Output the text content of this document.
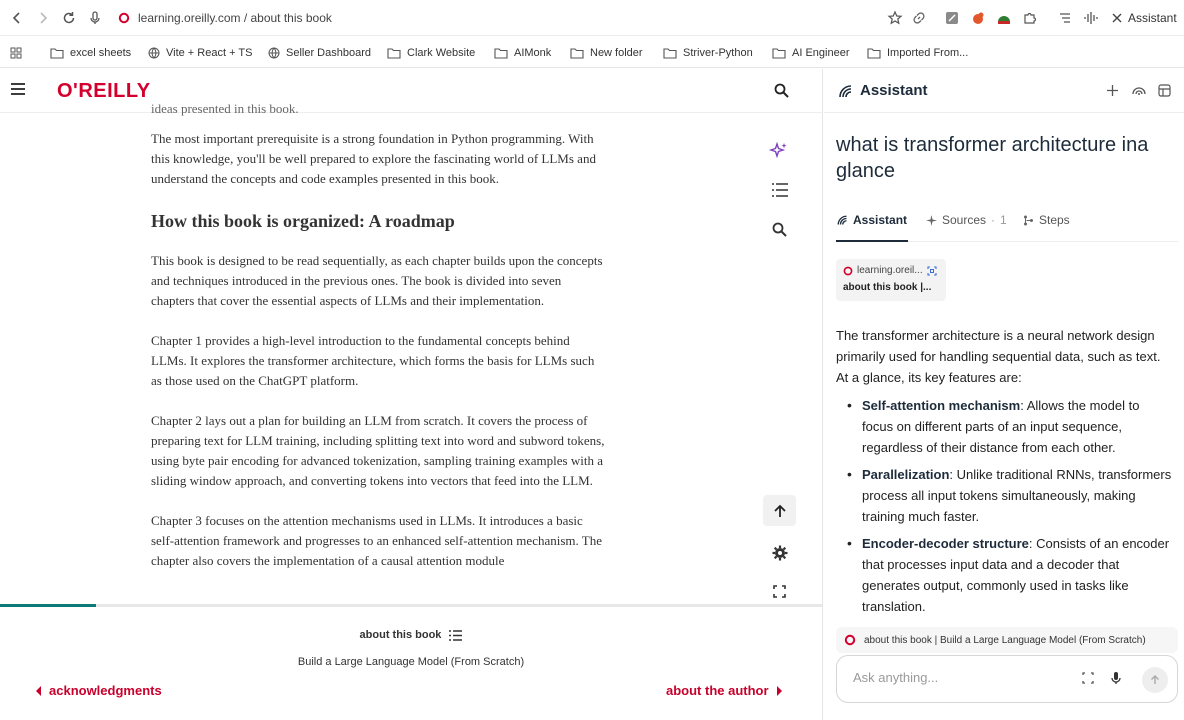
learning.oreilly.com / about this book	Assistant
excel sheets	Vite + React + TS	Seller Dashboard	Clark Website	AIMonk	New folder	Striver-Python	AI Engineer	Imported From...
O'REILLY
ideas presented in this book.

The most important prerequisite is a strong foundation in Python programming. With this knowledge, you'll be well prepared to explore the fascinating world of LLMs and understand the concepts and code examples presented in this book.

How this book is organized: A roadmap

This book is designed to be read sequentially, as each chapter builds upon the concepts and techniques introduced in the previous ones. The book is divided into seven chapters that cover the essential aspects of LLMs and their implementation.

Chapter 1 provides a high-level introduction to the fundamental concepts behind LLMs. It explores the transformer architecture, which forms the basis for LLMs such as those used on the ChatGPT platform.

Chapter 2 lays out a plan for building an LLM from scratch. It covers the process of preparing text for LLM training, including splitting text into word and subword tokens, using byte pair encoding for advanced tokenization, sampling training examples with a sliding window approach, and converting tokens into vectors that feed into the LLM.

Chapter 3 focuses on the attention mechanisms used in LLMs. It introduces a basic self-attention framework and progresses to an enhanced self-attention mechanism. The chapter also covers the implementation of a causal attention module

about this book
Build a Large Language Model (From Scratch)
acknowledgments	about the author
Assistant
what is transformer architecture ina glance
Assistant	Sources · 1	Steps
learning.oreil...
about this book |...
The transformer architecture is a neural network design primarily used for handling sequential data, such as text. At a glance, its key features are:
• Self-attention mechanism: Allows the model to focus on different parts of an input sequence, regardless of their distance from each other.
• Parallelization: Unlike traditional RNNs, transformers process all input tokens simultaneously, making training much faster.
• Encoder-decoder structure: Consists of an encoder that processes input data and a decoder that generates output, commonly used in tasks like translation.
about this book | Build a Large Language Model (From Scratch)
Ask anything...
